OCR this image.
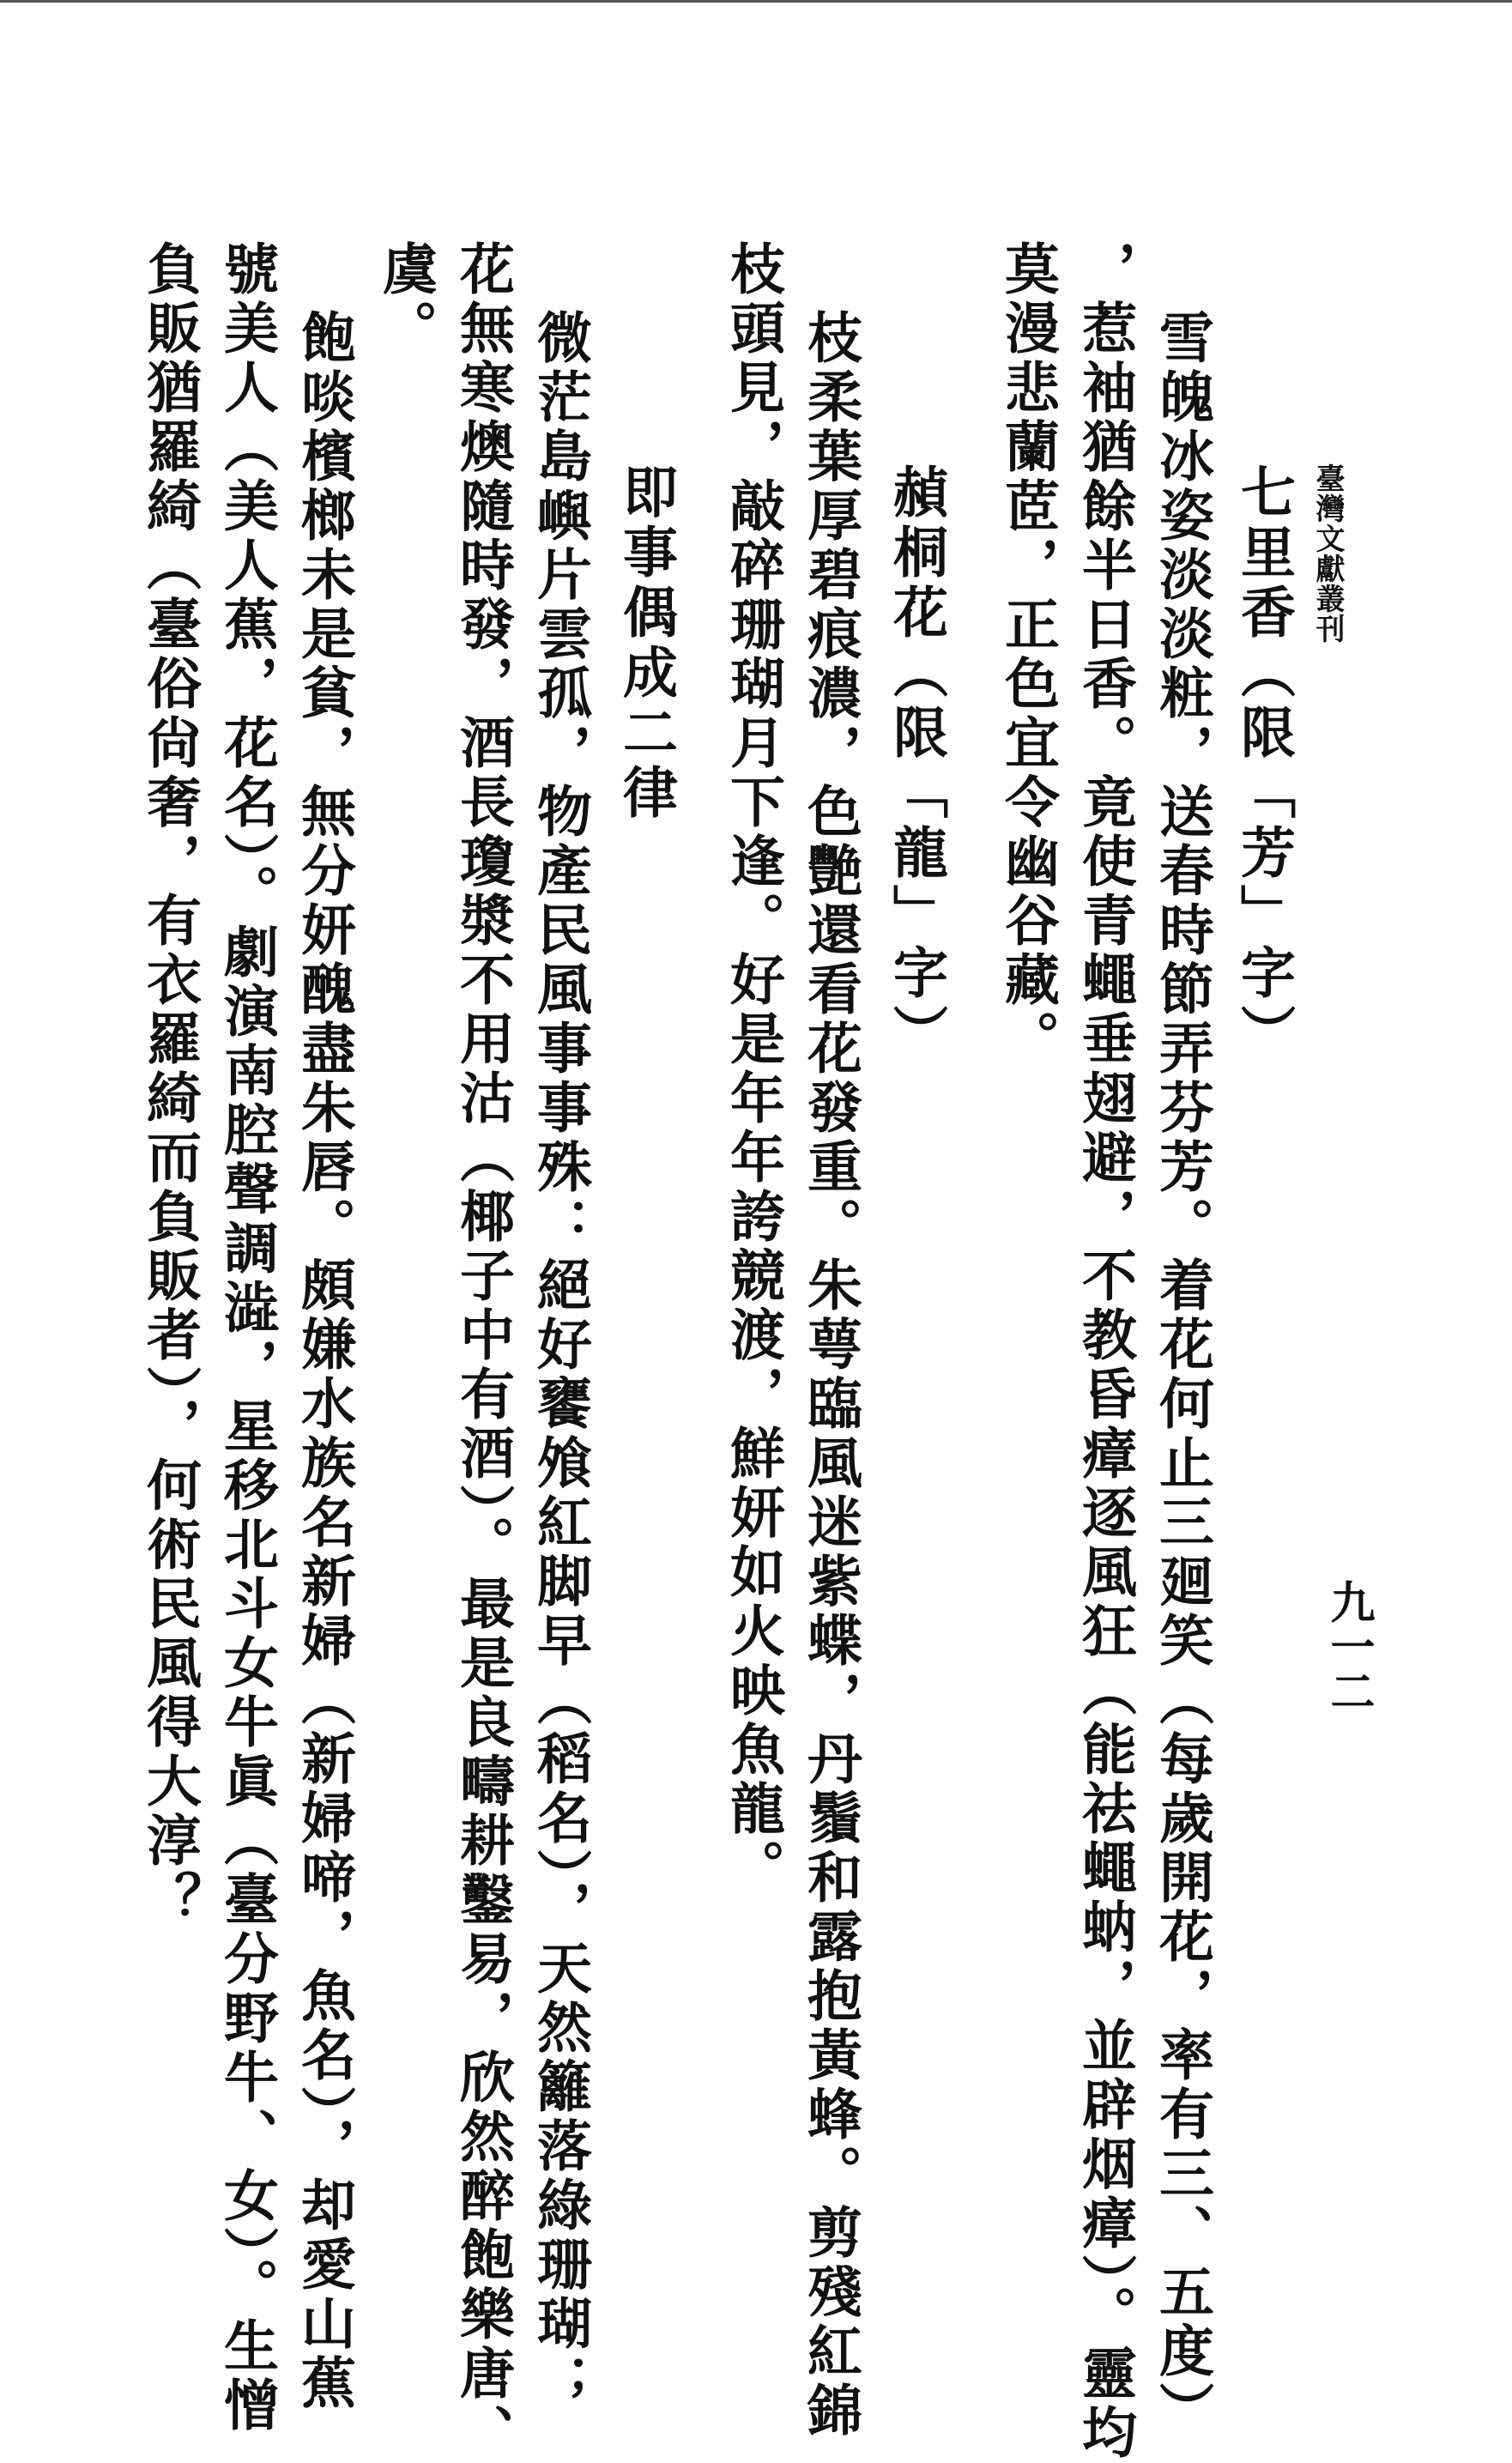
臺灣文獻叢刊
九一二
七里香（限「芳」字）
雪魄冰姿淡淡粧，送春時節弄芬芳。着花何止三廻笑（每歲開花，率有三、五度）
，惹袖猶餘半日香。竟使青蠅垂翅避，不教昏瘴逐風狂（能祛蠅蚋，並辟烟瘴）。靈均
莫漫悲蘭茝，正色宜令幽谷藏。
赬桐花（限「龍」字）
枝柔葉厚碧痕濃，色艷還看花發重。朱萼臨風迷紫蝶，丹鬚和露抱黃蜂。剪殘紅錦
枝頭見，敲碎珊瑚月下逢。好是年年誇競渡，鮮妍如火映魚龍。
即事偶成二律
微茫島嶼片雲孤，物產民風事事殊：絕好饔飧紅脚早（稻名），天然籬落綠珊瑚；
花無寒燠隨時發，酒長瓊漿不用沽（椰子中有酒）。最是良疇耕鑿易，欣然醉飽樂唐、
虞。
飽啖檳榔未是貧，無分妍醜盡朱唇。頗嫌水族名新婦（新婦啼，魚名），却愛山蕉
號美人（美人蕉，花名）。劇演南腔聲調澁，星移北斗女牛眞（臺分野牛、女）。生憎
負販猶羅綺（臺俗尙奢，有衣羅綺而負販者），何術民風得大淳？
